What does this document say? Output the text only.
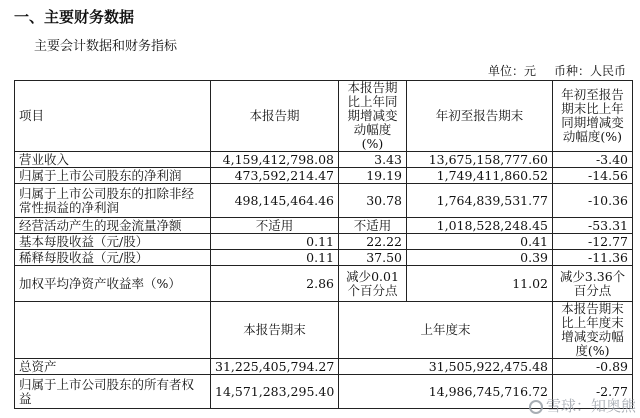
一、主要财务数据
主要会计数据和财务指标
单位：元 币种：人民币
项目	本报告期	本报告期比上年同期增减变动幅度(%)	年初至报告期末	年初至报告期末比上年同期增减变动幅度(%)
营业收入	4,159,412,798.08	3.43	13,675,158,777.60	-3.40
归属于上市公司股东的净利润	473,592,214.47	19.19	1,749,411,860.52	-14.56
归属于上市公司股东的扣除非经常性损益的净利润	498,145,464.46	30.78	1,764,839,531.77	-10.36
经营活动产生的现金流量净额	不适用	不适用	1,018,528,248.45	-53.31
基本每股收益（元/股）	0.11	22.22	0.41	-12.77
稀释每股收益（元/股）	0.11	37.50	0.39	-11.36
加权平均净资产收益率（%）	2.86	减少0.01个百分点	11.02	减少3.36个百分点
	本报告期末	上年度末		本报告期末比上年度末增减变动幅度(%)
总资产	31,225,405,794.27	31,505,922,475.48		-0.89
归属于上市公司股东的所有者权益	14,571,283,295.40	14,986,745,716.72		-2.77
雪球：知奥熊
